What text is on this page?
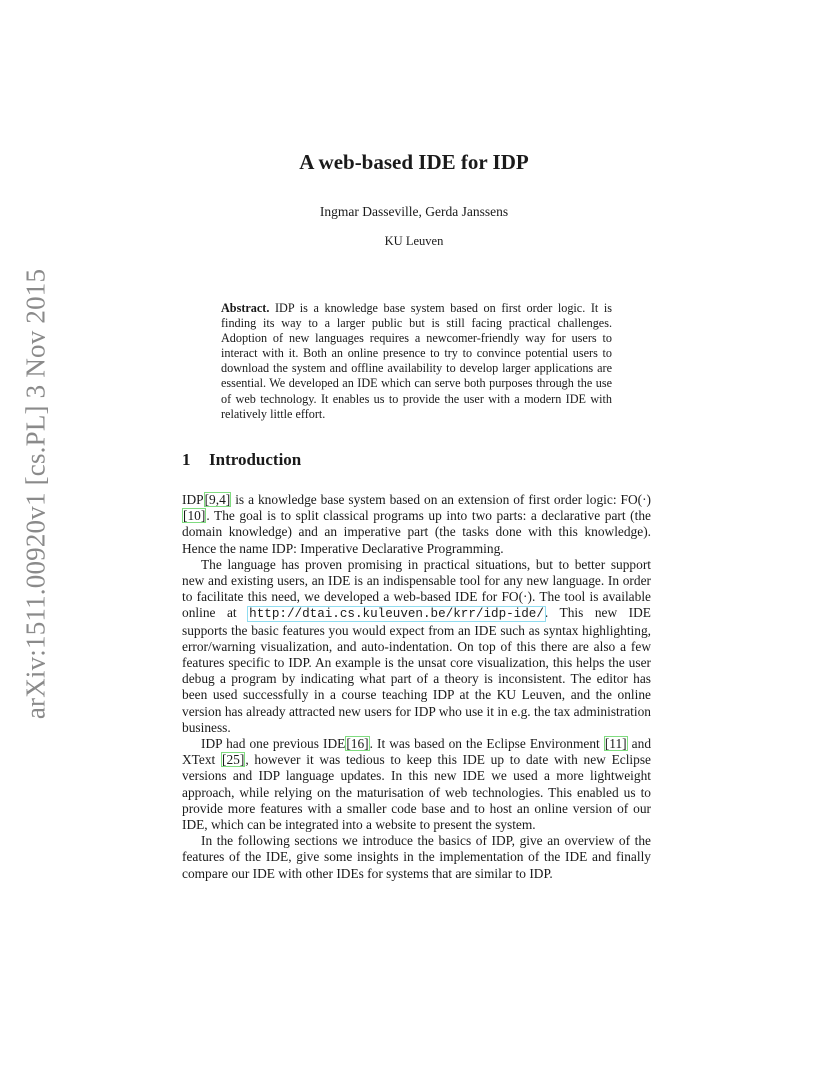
arXiv:1511.00920v1 [cs.PL] 3 Nov 2015
A web-based IDE for IDP
Ingmar Dasseville, Gerda Janssens
KU Leuven
Abstract. IDP is a knowledge base system based on first order logic. It is finding its way to a larger public but is still facing practical challenges. Adoption of new languages requires a newcomer-friendly way for users to interact with it. Both an online presence to try to convince potential users to download the system and offline availability to develop larger applications are essential. We developed an IDE which can serve both purposes through the use of web technology. It enables us to provide the user with a modern IDE with relatively little effort.
1 Introduction

IDP[9,4] is a knowledge base system based on an extension of first order logic: FO(·) [10]. The goal is to split classical programs up into two parts: a declarative part (the domain knowledge) and an imperative part (the tasks done with this knowledge). Hence the name IDP: Imperative Declarative Programming.

The language has proven promising in practical situations, but to better support new and existing users, an IDE is an indispensable tool for any new language. In order to facilitate this need, we developed a web-based IDE for FO(·). The tool is available online at http://dtai.cs.kuleuven.be/krr/idp-ide/. This new IDE supports the basic features you would expect from an IDE such as syntax highlighting, error/warning visualization, and auto-indentation. On top of this there are also a few features specific to IDP. An example is the unsat core visualization, this helps the user debug a program by indicating what part of a theory is inconsistent. The editor has been used successfully in a course teaching IDP at the KU Leuven, and the online version has already attracted new users for IDP who use it in e.g. the tax administration business.

IDP had one previous IDE[16]. It was based on the Eclipse Environment [11] and XText [25], however it was tedious to keep this IDE up to date with new Eclipse versions and IDP language updates. In this new IDE we used a more lightweight approach, while relying on the maturisation of web technologies. This enabled us to provide more features with a smaller code base and to host an online version of our IDE, which can be integrated into a website to present the system.

In the following sections we introduce the basics of IDP, give an overview of the features of the IDE, give some insights in the implementation of the IDE and finally compare our IDE with other IDEs for systems that are similar to IDP.
